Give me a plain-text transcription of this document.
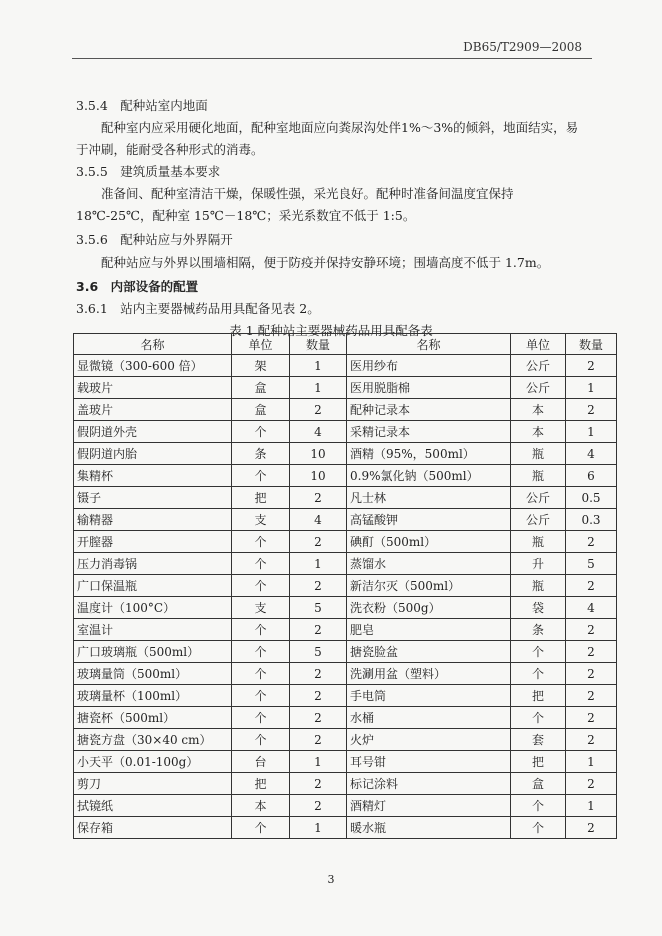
DB65/T2909—2008
3.5.4　配种站室内地面
配种室内应采用硬化地面，配种室地面应向粪尿沟处伴1%～3%的倾斜，地面结实，易于冲刷，能耐受各种形式的消毒。
3.5.5　建筑质量基本要求
准备间、配种室清洁干燥，保暖性强，采光良好。配种时准备间温度宜保持 18℃-25℃，配种室 15℃－18℃；采光系数宜不低于 1:5。
3.5.6　配种站应与外界隔开
配种站应与外界以围墙相隔，便于防疫并保持安静环境；围墙高度不低于 1.7m。
3.6　内部设备的配置
3.6.1　站内主要器械药品用具配备见表 2。
表 1 配种站主要器械药品用具配备表
名称	单位	数量	名称	单位	数量
显微镜（300-600 倍）	架	1	医用纱布	公斤	2
载玻片	盒	1	医用脱脂棉	公斤	1
盖玻片	盒	2	配种记录本	本	2
假阴道外壳	个	4	采精记录本	本	1
假阴道内胎	条	10	酒精（95%，500ml）	瓶	4
集精杯	个	10	0.9%氯化钠（500ml）	瓶	6
镊子	把	2	凡士林	公斤	0.5
输精器	支	4	高锰酸钾	公斤	0.3
开膣器	个	2	碘酊（500ml）	瓶	2
压力消毒锅	个	1	蒸馏水	升	5
广口保温瓶	个	2	新洁尔灭（500ml）	瓶	2
温度计（100°C）	支	5	洗衣粉（500g）	袋	4
室温计	个	2	肥皂	条	2
广口玻璃瓶（500ml）	个	5	搪瓷脸盆	个	2
玻璃量筒（500ml）	个	2	洗涮用盆（塑料）	个	2
玻璃量杯（100ml）	个	2	手电筒	把	2
搪瓷杯（500ml）	个	2	水桶	个	2
搪瓷方盘（30×40 cm）	个	2	火炉	套	2
小天平（0.01-100g）	台	1	耳号钳	把	1
剪刀	把	2	标记涂料	盒	2
拭镜纸	本	2	酒精灯	个	1
保存箱	个	1	暖水瓶	个	2
3
